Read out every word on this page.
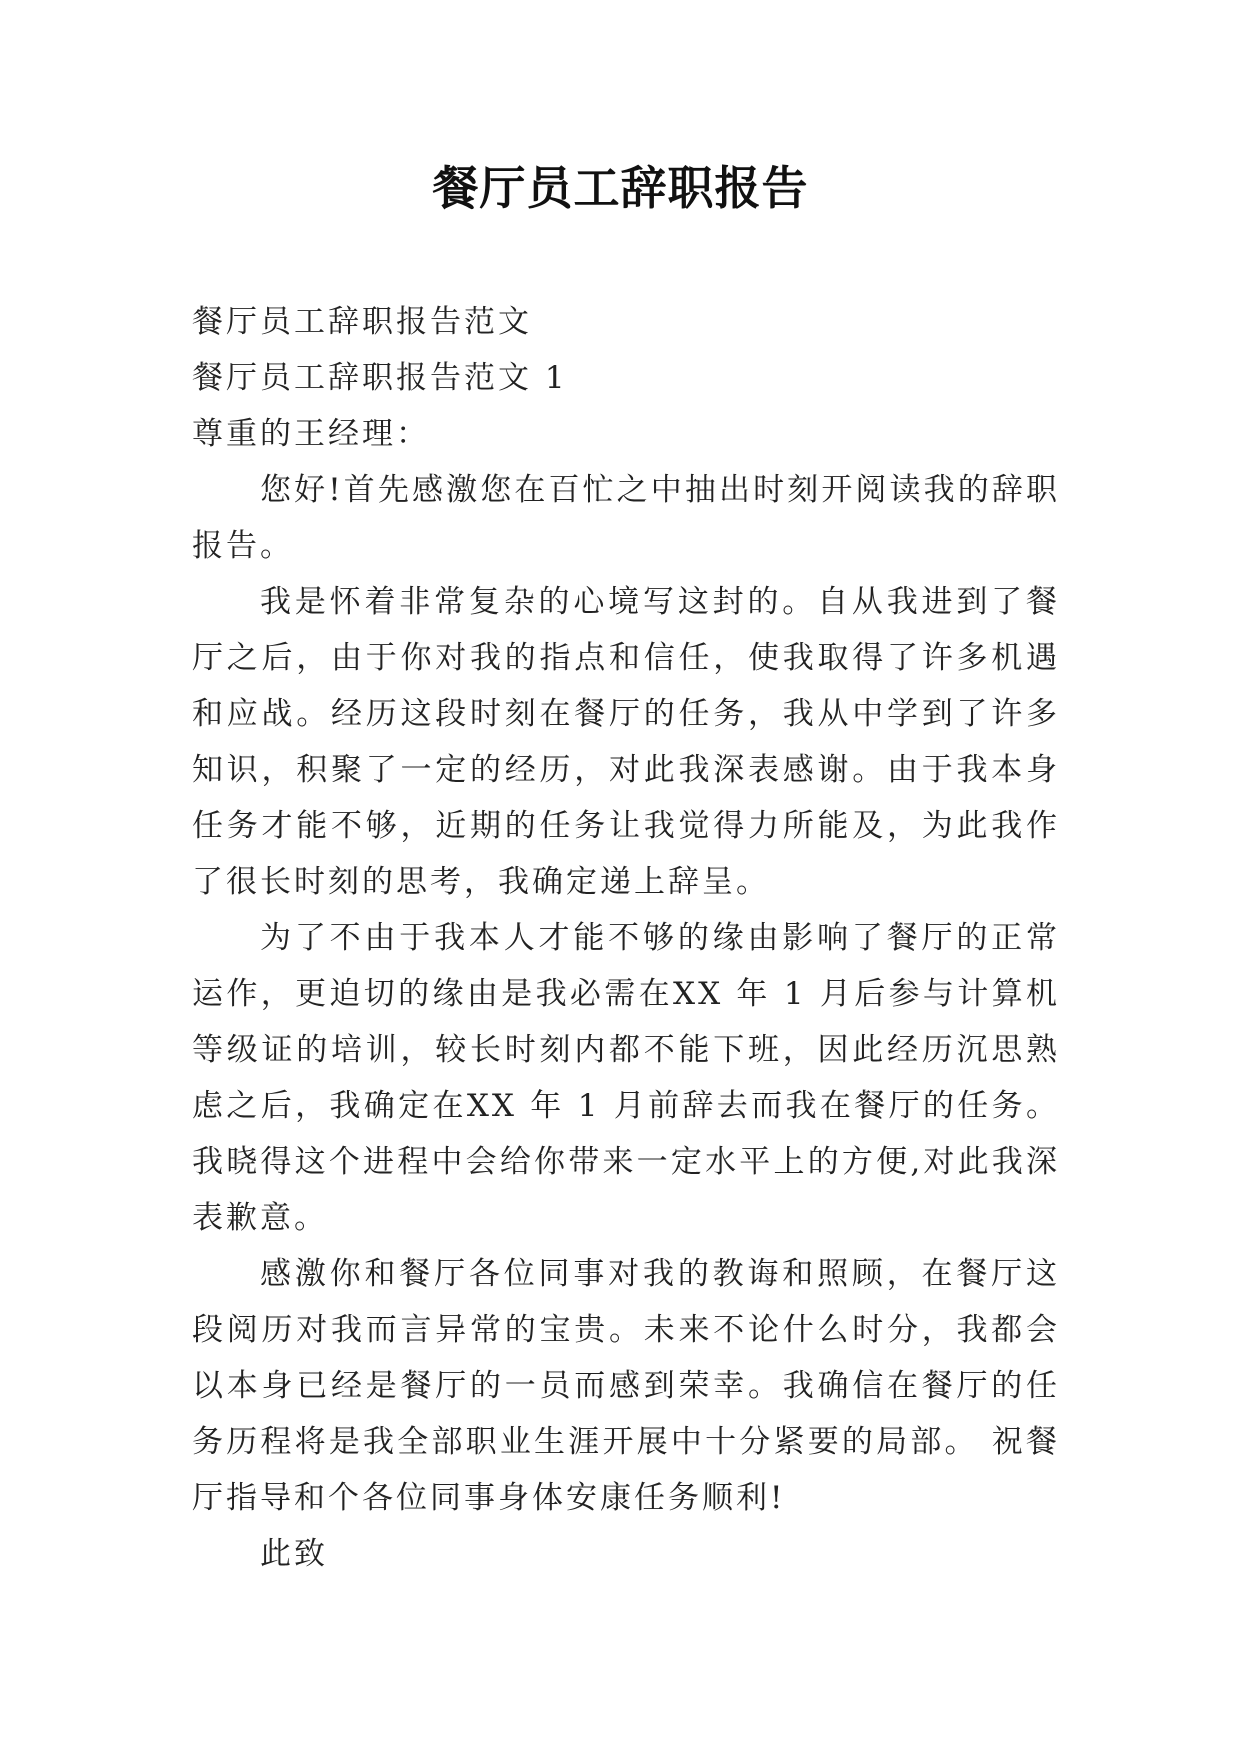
餐厅员工辞职报告

餐厅员工辞职报告范文

餐厅员工辞职报告范文 1

尊重的王经理：

您好!首先感激您在百忙之中抽出时刻开阅读我的辞职报告。

我是怀着非常复杂的心境写这封的。自从我进到了餐厅之后，由于你对我的指点和信任，使我取得了许多机遇和应战。经历这段时刻在餐厅的任务，我从中学到了许多知识，积聚了一定的经历，对此我深表感谢。由于我本身任务才能不够，近期的任务让我觉得力所能及，为此我作了很长时刻的思考，我确定递上辞呈。

为了不由于我本人才能不够的缘由影响了餐厅的正常运作，更迫切的缘由是我必需在XX 年 1 月后参与计算机等级证的培训，较长时刻内都不能下班，因此经历沉思熟虑之后，我确定在XX 年 1 月前辞去而我在餐厅的任务。我晓得这个进程中会给你带来一定水平上的方便,对此我深表歉意。

感激你和餐厅各位同事对我的教诲和照顾，在餐厅这段阅历对我而言异常的宝贵。未来不论什么时分，我都会以本身已经是餐厅的一员而感到荣幸。我确信在餐厅的任务历程将是我全部职业生涯开展中十分紧要的局部。 祝餐厅指导和个各位同事身体安康任务顺利!

此致
